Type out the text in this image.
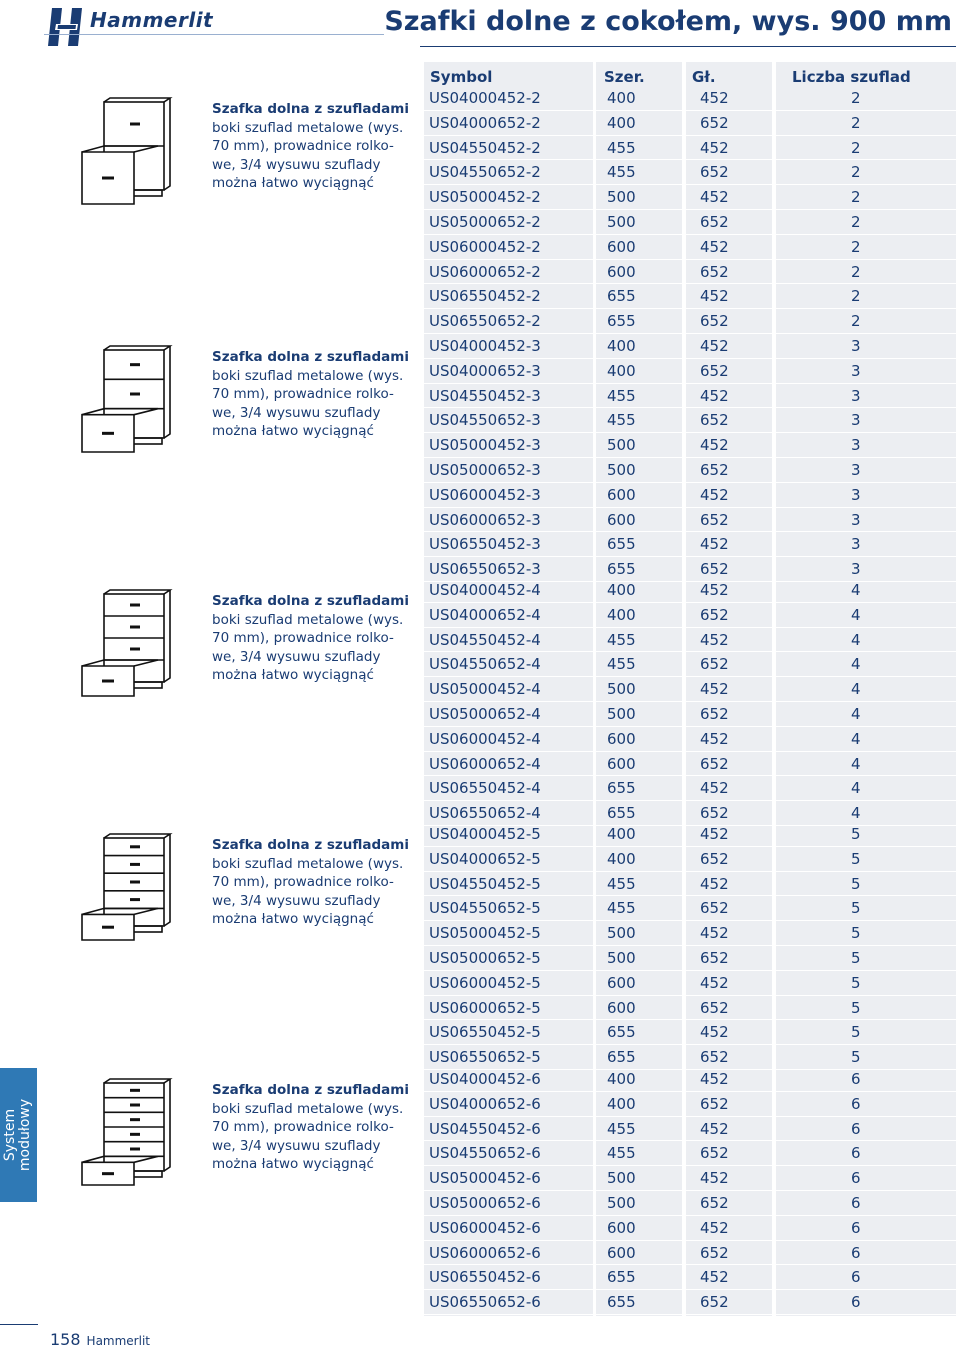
Hammerlit	Szafki dolne z cokołem, wys. 900 mm
Szafka dolna z szufladami
boki szuflad metalowe (wys.
70 mm), prowadnice rolko-
we, 3/4 wysuwu szuflady
można łatwo wyciągnąć
Szafka dolna z szufladami
boki szuflad metalowe (wys.
70 mm), prowadnice rolko-
we, 3/4 wysuwu szuflady
można łatwo wyciągnąć
Szafka dolna z szufladami
boki szuflad metalowe (wys.
70 mm), prowadnice rolko-
we, 3/4 wysuwu szuflady
można łatwo wyciągnąć
Szafka dolna z szufladami
boki szuflad metalowe (wys.
70 mm), prowadnice rolko-
we, 3/4 wysuwu szuflady
można łatwo wyciągnąć
Szafka dolna z szufladami
boki szuflad metalowe (wys.
70 mm), prowadnice rolko-
we, 3/4 wysuwu szuflady
można łatwo wyciągnąć
Symbol	Szer.	Gł.	Liczba szuflad
US04000452-2	400	452	2
US04000652-2	400	652	2
US04550452-2	455	452	2
US04550652-2	455	652	2
US05000452-2	500	452	2
US05000652-2	500	652	2
US06000452-2	600	452	2
US06000652-2	600	652	2
US06550452-2	655	452	2
US06550652-2	655	652	2
US04000452-3	400	452	3
US04000652-3	400	652	3
US04550452-3	455	452	3
US04550652-3	455	652	3
US05000452-3	500	452	3
US05000652-3	500	652	3
US06000452-3	600	452	3
US06000652-3	600	652	3
US06550452-3	655	452	3
US06550652-3	655	652	3
US04000452-4	400	452	4
US04000652-4	400	652	4
US04550452-4	455	452	4
US04550652-4	455	652	4
US05000452-4	500	452	4
US05000652-4	500	652	4
US06000452-4	600	452	4
US06000652-4	600	652	4
US06550452-4	655	452	4
US06550652-4	655	652	4
US04000452-5	400	452	5
US04000652-5	400	652	5
US04550452-5	455	452	5
US04550652-5	455	652	5
US05000452-5	500	452	5
US05000652-5	500	652	5
US06000452-5	600	452	5
US06000652-5	600	652	5
US06550452-5	655	452	5
US06550652-5	655	652	5
US04000452-6	400	452	6
US04000652-6	400	652	6
US04550452-6	455	452	6
US04550652-6	455	652	6
US05000452-6	500	452	6
US05000652-6	500	652	6
US06000452-6	600	452	6
US06000652-6	600	652	6
US06550452-6	655	452	6
US06550652-6	655	652	6
System modułowy
158 Hammerlit
